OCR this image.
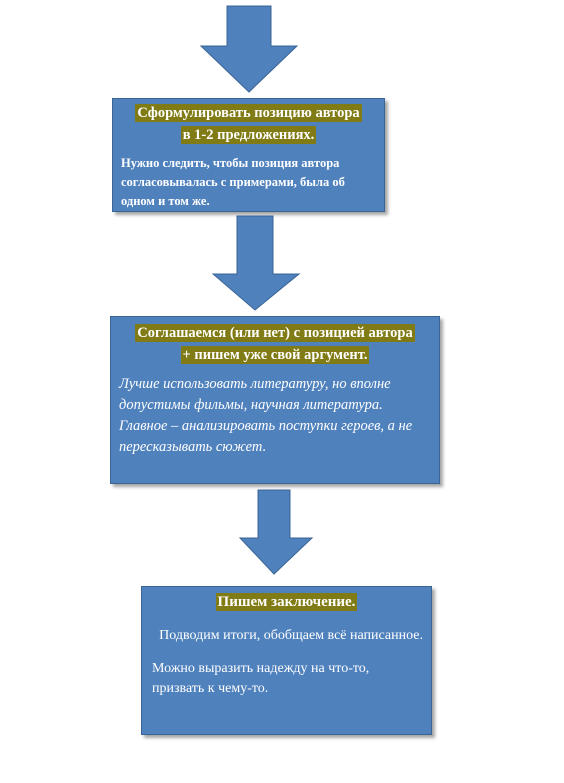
Сформулировать позицию автора
в 1-2 предложениях.
Нужно следить, чтобы позиция автора согласовывалась с примерами, была об одном и том же.
Соглашаемся (или нет) с позицией автора
+ пишем уже свой аргумент.
Лучше использовать литературу, но вполне допустимы фильмы, научная литература. Главное – анализировать поступки героев, а не пересказывать сюжет.
Пишем заключение.
Подводим итоги, обобщаем всё написанное.
Можно выразить надежду на что-то, призвать к чему-то.
